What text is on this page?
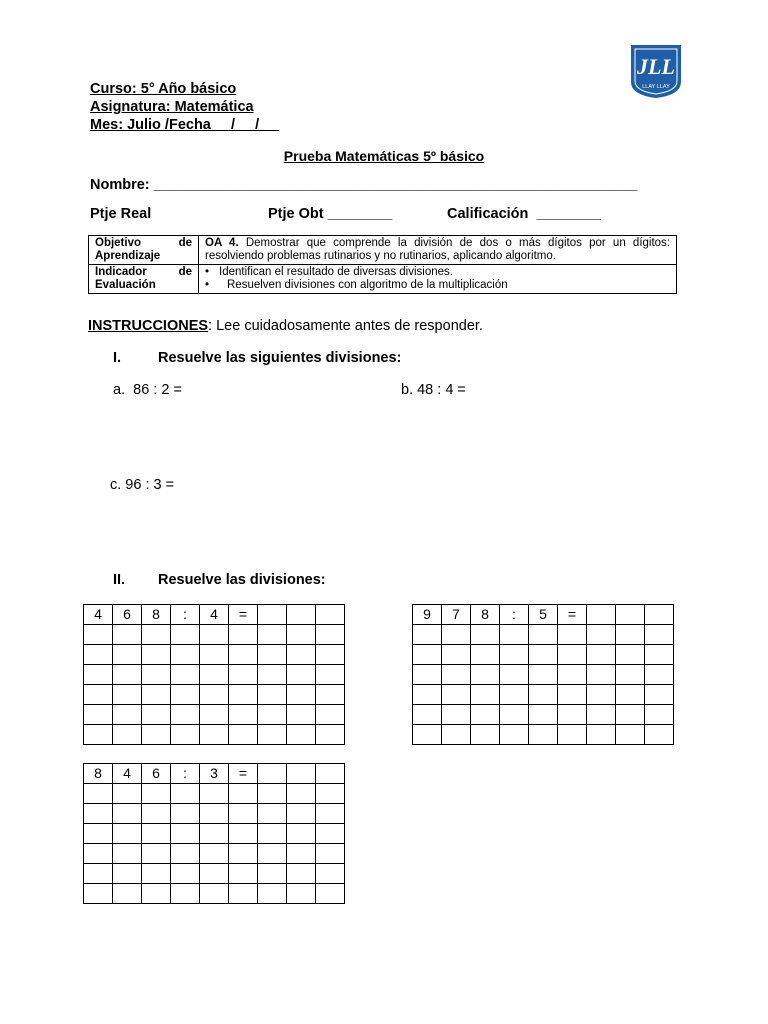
Curso: 5° Año básico
Asignatura: Matemática
Mes: Julio /Fecha     /     /
JLL
LLAY LLAY
Prueba Matemáticas 5º básico
Nombre: ____________________________________________________________
Ptje Real	Ptje Obt ________	Calificación  ________
Objetivo de Aprendizaje	OA 4. Demostrar que comprende la división de dos o más dígitos por un dígitos: resolviendo problemas rutinarios y no rutinarios, aplicando algoritmo.
Indicador de Evaluación	• Identifican el resultado de diversas divisiones.
• Resuelven divisiones con algoritmo de la multiplicación
INSTRUCCIONES: Lee cuidadosamente antes de responder.
I.	Resuelve las siguientes divisiones:
a.  86 : 2 =	b. 48 : 4 =
c. 96 : 3 =
II. Resuelve las divisiones:
4	6	8	:	4	=			

									9	7	8	:	5	=			

8	4	6	:	3	=			
